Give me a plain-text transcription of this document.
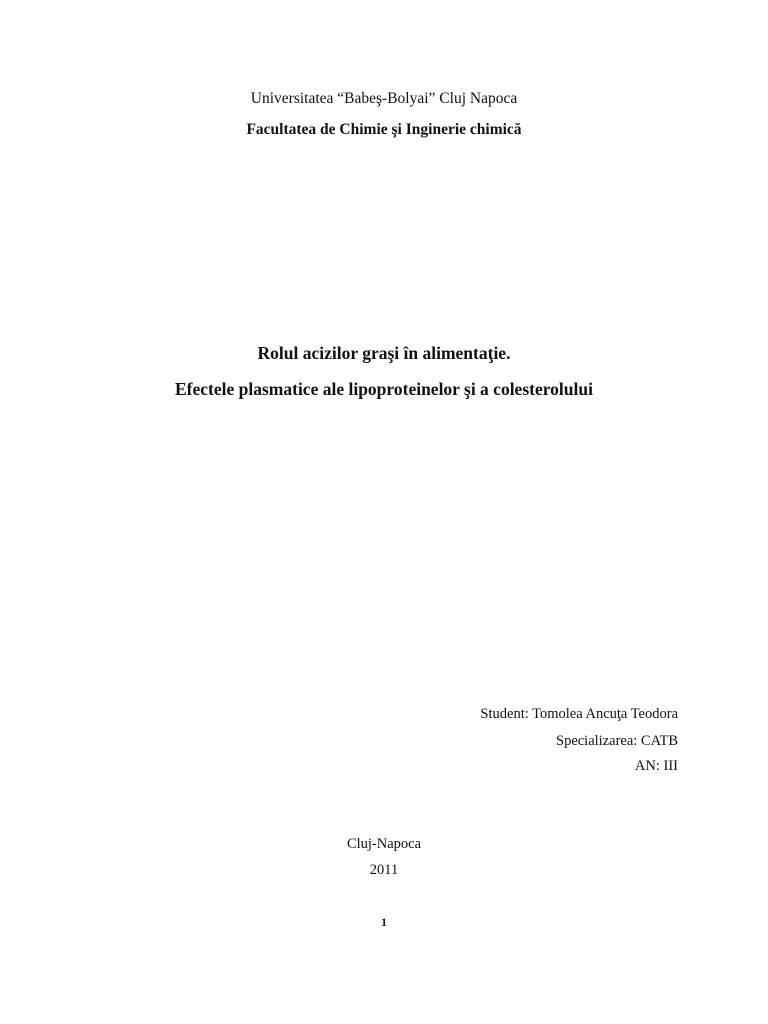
Universitatea “Babeş-Bolyai” Cluj Napoca
Facultatea de Chimie şi Inginerie chimică
Rolul acizilor graşi în alimentaţie.
Efectele plasmatice ale lipoproteinelor şi a colesterolului
Student: Tomolea Ancuţa Teodora
Specializarea: CATB
AN: III
Cluj-Napoca
2011
1
